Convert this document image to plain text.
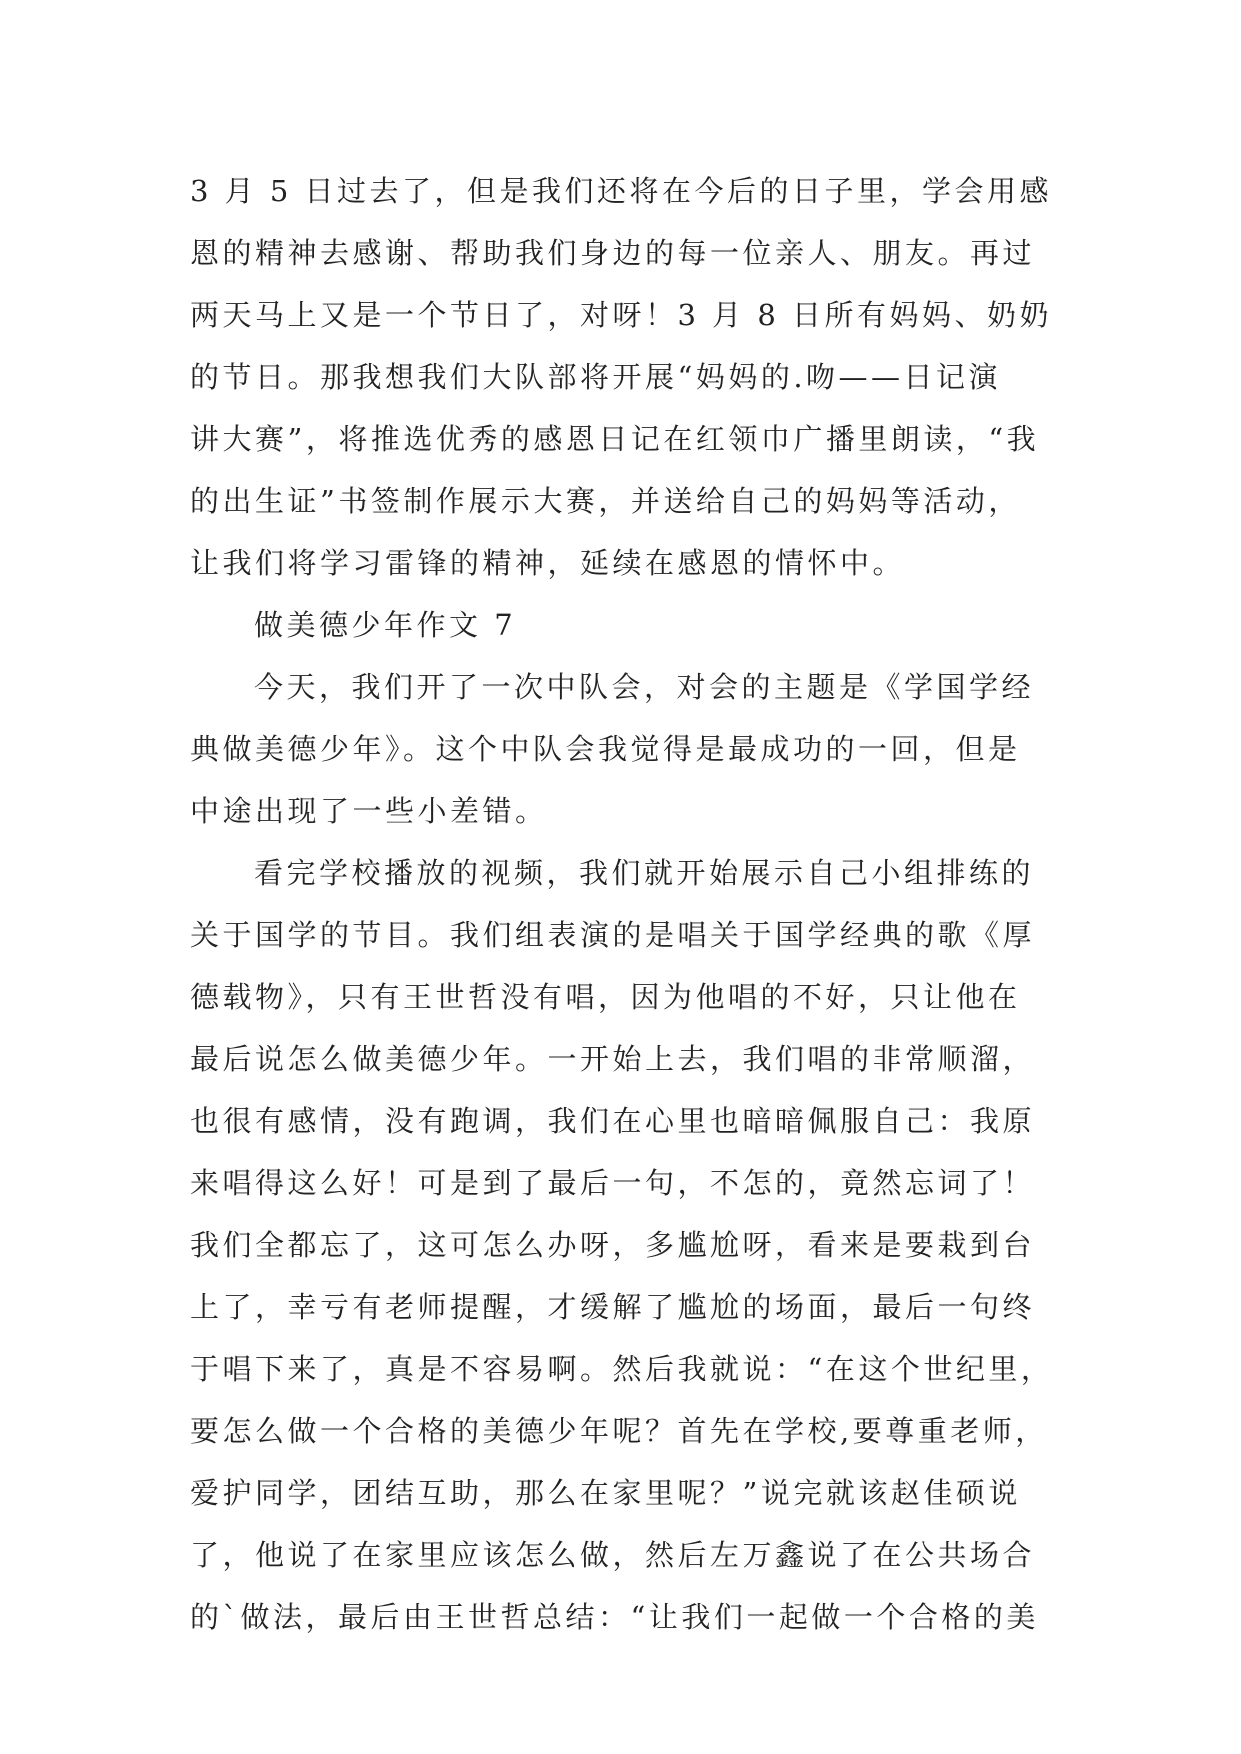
3 月 5 日过去了，但是我们还将在今后的日子里，学会用感
恩的精神去感谢、帮助我们身边的每一位亲人、朋友。再过
两天马上又是一个节日了，对呀！3 月 8 日所有妈妈、奶奶
的节日。那我想我们大队部将开展“妈妈的.吻——日记演
讲大赛”，将推选优秀的感恩日记在红领巾广播里朗读，“我
的出生证”书签制作展示大赛，并送给自己的妈妈等活动，
让我们将学习雷锋的精神，延续在感恩的情怀中。
做美德少年作文 7
今天，我们开了一次中队会，对会的主题是《学国学经
典做美德少年》。这个中队会我觉得是最成功的一回，但是
中途出现了一些小差错。
看完学校播放的视频，我们就开始展示自己小组排练的
关于国学的节目。我们组表演的是唱关于国学经典的歌《厚
德载物》，只有王世哲没有唱，因为他唱的不好，只让他在
最后说怎么做美德少年。一开始上去，我们唱的非常顺溜，
也很有感情，没有跑调，我们在心里也暗暗佩服自己：我原
来唱得这么好！可是到了最后一句，不怎的，竟然忘词了！
我们全都忘了，这可怎么办呀，多尴尬呀，看来是要栽到台
上了，幸亏有老师提醒，才缓解了尴尬的场面，最后一句终
于唱下来了，真是不容易啊。然后我就说：“在这个世纪里，
要怎么做一个合格的美德少年呢？首先在学校,要尊重老师，
爱护同学，团结互助，那么在家里呢？”说完就该赵佳硕说
了，他说了在家里应该怎么做，然后左万鑫说了在公共场合
的`做法，最后由王世哲总结：“让我们一起做一个合格的美
